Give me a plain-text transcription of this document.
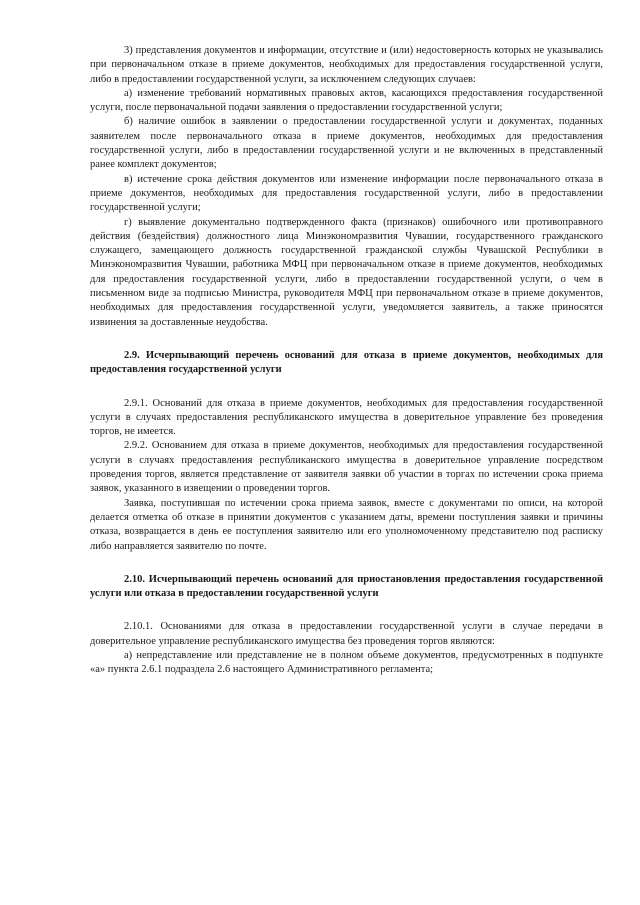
3) представления документов и информации, отсутствие и (или) недостоверность которых не указывались при первоначальном отказе в приеме документов, необходимых для предоставления государственной услуги, либо в предоставлении государственной услуги, за исключением следующих случаев:

а) изменение требований нормативных правовых актов, касающихся предоставления государственной услуги, после первоначальной подачи заявления о предоставлении государственной услуги;

б) наличие ошибок в заявлении о предоставлении государственной услуги и документах, поданных заявителем после первоначального отказа в приеме документов, необходимых для предоставления государственной услуги, либо в предоставлении государственной услуги и не включенных в представленный ранее комплект документов;

в) истечение срока действия документов или изменение информации после первоначального отказа в приеме документов, необходимых для предоставления государственной услуги, либо в предоставлении государственной услуги;

г) выявление документально подтвержденного факта (признаков) ошибочного или противоправного действия (бездействия) должностного лица Минэкономразвития Чувашии, государственного гражданского служащего, замещающего должность государственной гражданской службы Чувашской Республики в Минэкономразвития Чувашии, работника МФЦ при первоначальном отказе в приеме документов, необходимых для предоставления государственной услуги, либо в предоставлении государственной услуги, о чем в письменном виде за подписью Министра, руководителя МФЦ при первоначальном отказе в приеме документов, необходимых для предоставления государственной услуги, уведомляется заявитель, а также приносятся извинения за доставленные неудобства.

2.9. Исчерпывающий перечень оснований для отказа в приеме документов, необходимых для предоставления государственной услуги

2.9.1. Оснований для отказа в приеме документов, необходимых для предоставления государственной услуги в случаях предоставления республиканского имущества в доверительное управление без проведения торгов, не имеется.

2.9.2. Основанием для отказа в приеме документов, необходимых для предоставления государственной услуги в случаях предоставления республиканского имущества в доверительное управление посредством проведения торгов, является представление от заявителя заявки об участии в торгах по истечении срока приема заявок, указанного в извещении о проведении торгов.

Заявка, поступившая по истечении срока приема заявок, вместе с документами по описи, на которой делается отметка об отказе в принятии документов с указанием даты, времени поступления заявки и причины отказа, возвращается в день ее поступления заявителю или его уполномоченному представителю под расписку либо направляется заявителю по почте.

2.10. Исчерпывающий перечень оснований для приостановления предоставления государственной услуги или отказа в предоставлении государственной услуги

2.10.1. Основаниями для отказа в предоставлении государственной услуги в случае передачи в доверительное управление республиканского имущества без проведения торгов являются:

а) непредставление или представление не в полном объеме документов, предусмотренных в подпункте «а» пункта 2.6.1 подраздела 2.6 настоящего Административного регламента;
